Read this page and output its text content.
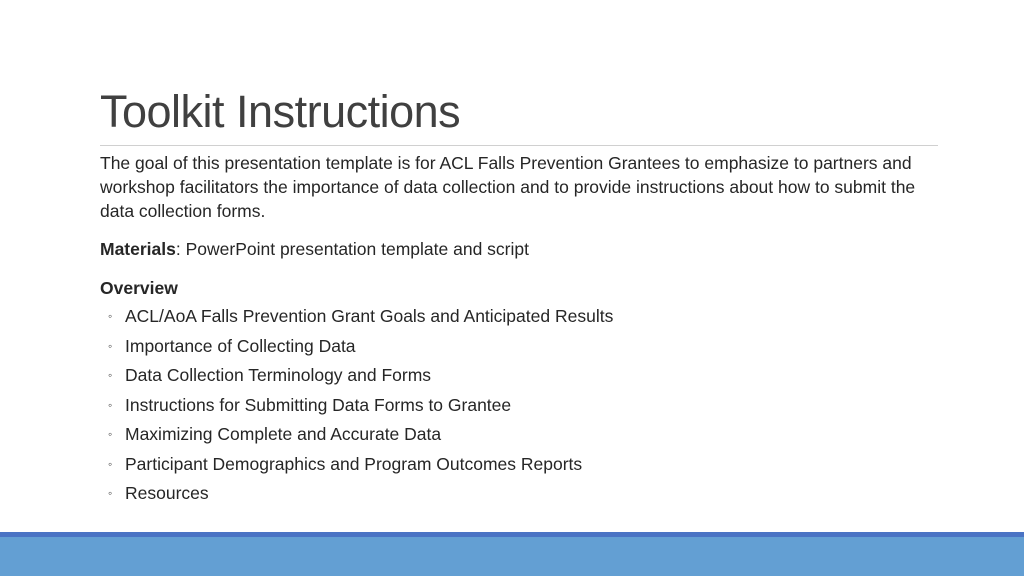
Toolkit Instructions

The goal of this presentation template is for ACL Falls Prevention Grantees to emphasize to partners and workshop facilitators the importance of data collection and to provide instructions about how to submit the data collection forms.

Materials: PowerPoint presentation template and script

Overview

◦ ACL/AoA Falls Prevention Grant Goals and Anticipated Results
◦ Importance of Collecting Data
◦ Data Collection Terminology and Forms
◦ Instructions for Submitting Data Forms to Grantee
◦ Maximizing Complete and Accurate Data
◦ Participant Demographics and Program Outcomes Reports
◦ Resources
